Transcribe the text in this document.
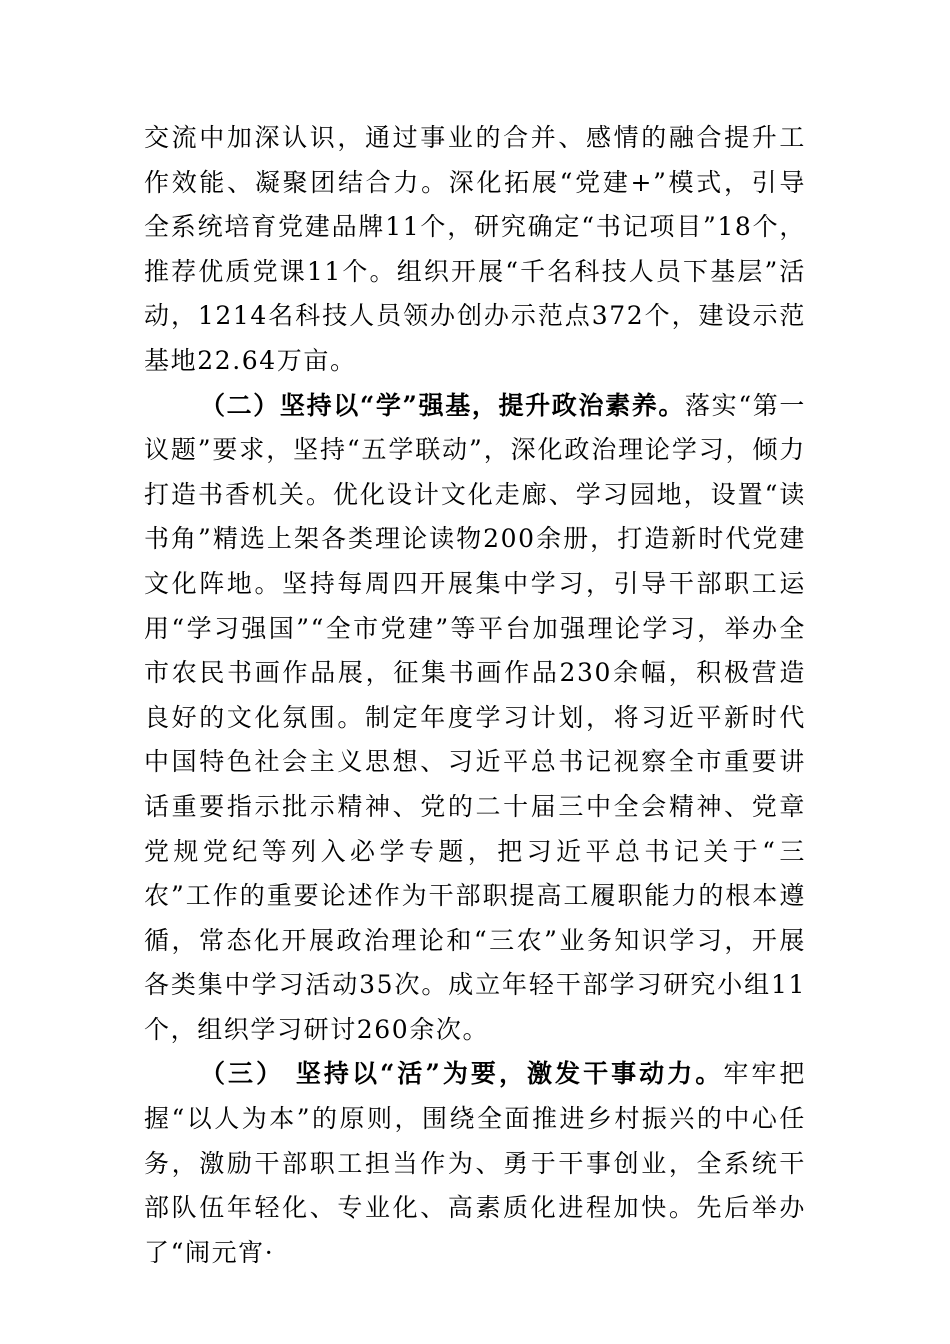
交流中加深认识，通过事业的合并、感情的融合提升工作效能、凝聚团结合力。深化拓展“党建+”模式，引导全系统培育党建品牌11个，研究确定“书记项目”18个，推荐优质党课11个。组织开展“千名科技人员下基层”活动，1214名科技人员领办创办示范点372个，建设示范基地22.64万亩。

（二）坚持以“学”强基，提升政治素养。落实“第一议题”要求，坚持“五学联动”，深化政治理论学习，倾力打造书香机关。优化设计文化走廊、学习园地，设置“读书角”精选上架各类理论读物200余册，打造新时代党建文化阵地。坚持每周四开展集中学习，引导干部职工运用“学习强国”“全市党建”等平台加强理论学习，举办全市农民书画作品展，征集书画作品230余幅，积极营造良好的文化氛围。制定年度学习计划，将习近平新时代中国特色社会主义思想、习近平总书记视察全市重要讲话重要指示批示精神、党的二十届三中全会精神、党章党规党纪等列入必学专题，把习近平总书记关于“三农”工作的重要论述作为干部职提高工履职能力的根本遵循，常态化开展政治理论和“三农”业务知识学习，开展各类集中学习活动35次。成立年轻干部学习研究小组11个，组织学习研讨260余次。

（三） 坚持以“活”为要，激发干事动力。牢牢把握“以人为本”的原则，围绕全面推进乡村振兴的中心任务，激励干部职工担当作为、勇于干事创业，全系统干部队伍年轻化、专业化、高素质化进程加快。先后举办了“闹元宵·
